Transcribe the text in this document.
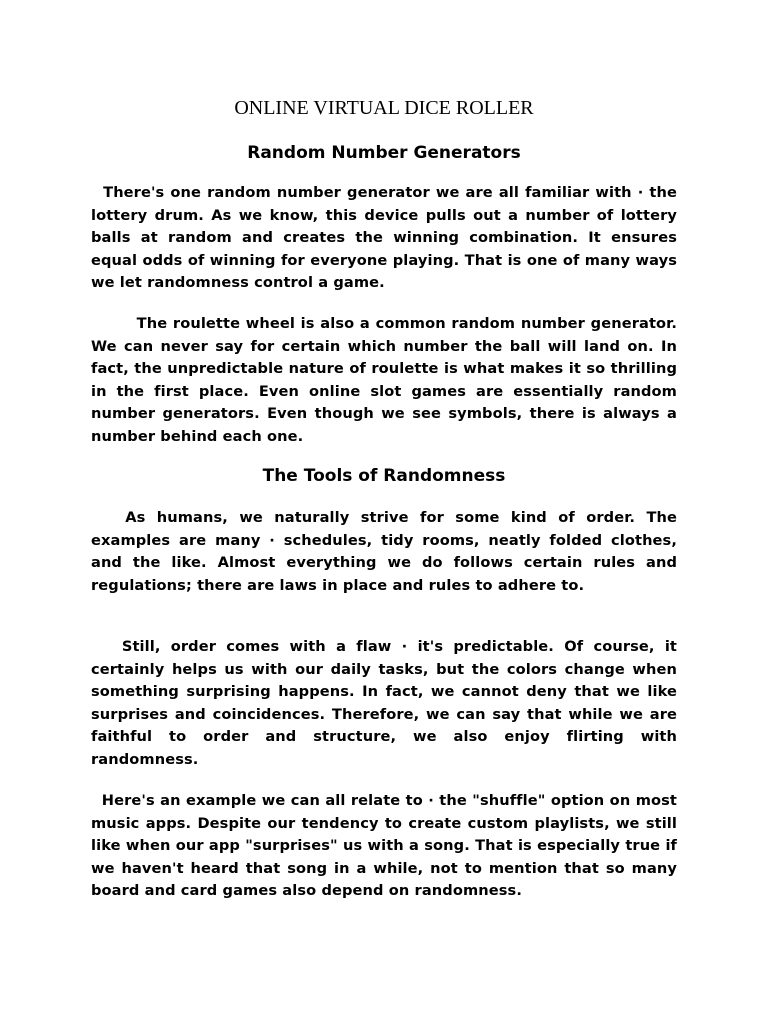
ONLINE VIRTUAL DICE ROLLER
Random Number Generators

There's one random number generator we are all familiar with · the lottery drum. As we know, this device pulls out a number of lottery balls at random and creates the winning combination. It ensures equal odds of winning for everyone playing. That is one of many ways we let randomness control a game.

The roulette wheel is also a common random number generator. We can never say for certain which number the ball will land on. In fact, the unpredictable nature of roulette is what makes it so thrilling in the first place. Even online slot games are essentially random number generators. Even though we see symbols, there is always a number behind each one.

The Tools of Randomness

As humans, we naturally strive for some kind of order. The examples are many · schedules, tidy rooms, neatly folded clothes, and the like. Almost everything we do follows certain rules and regulations; there are laws in place and rules to adhere to.

Still, order comes with a flaw · it's predictable. Of course, it certainly helps us with our daily tasks, but the colors change when something surprising happens. In fact, we cannot deny that we like surprises and coincidences. Therefore, we can say that while we are faithful to order and structure, we also enjoy flirting with randomness.

Here's an example we can all relate to · the "shuffle" option on most music apps. Despite our tendency to create custom playlists, we still like when our app "surprises" us with a song. That is especially true if we haven't heard that song in a while, not to mention that so many board and card games also depend on randomness.
